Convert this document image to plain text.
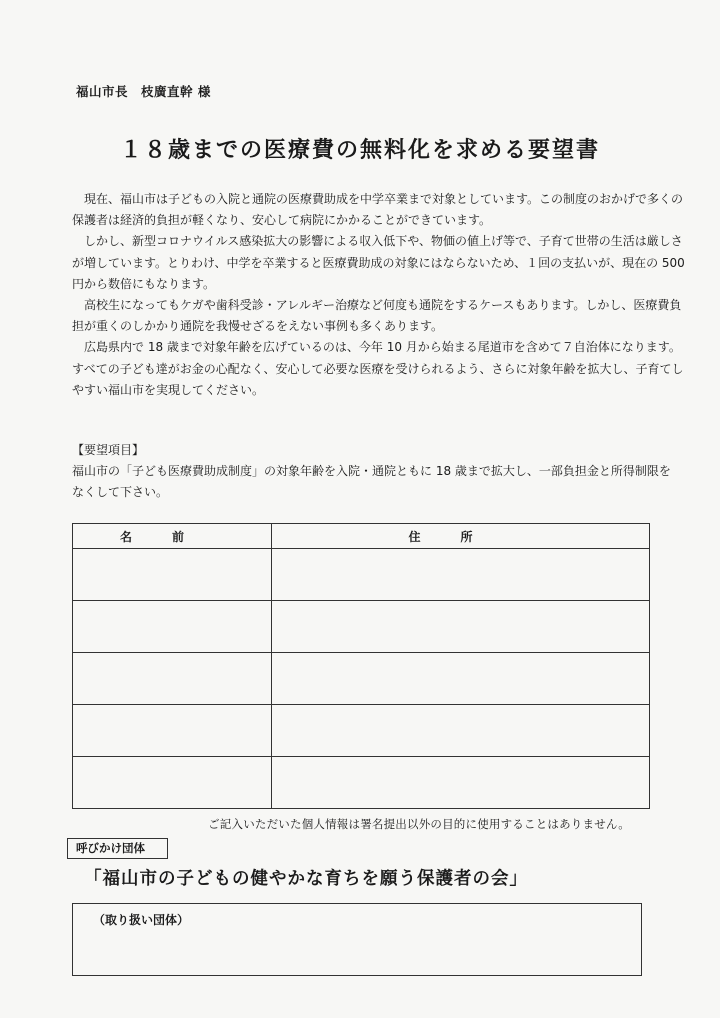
福山市長　枝廣直幹 様
１８歳までの医療費の無料化を求める要望書

現在、福山市は子どもの入院と通院の医療費助成を中学卒業まで対象としています。この制度のおかげで多くの保護者は経済的負担が軽くなり、安心して病院にかかることができています。

しかし、新型コロナウイルス感染拡大の影響による収入低下や、物価の値上げ等で、子育て世帯の生活は厳しさが増しています。とりわけ、中学を卒業すると医療費助成の対象にはならないため、１回の支払いが、現在の 500 円から数倍にもなります。

高校生になってもケガや歯科受診・アレルギー治療など何度も通院をするケースもあります。しかし、医療費負担が重くのしかかり通院を我慢せざるをえない事例も多くあります。

広島県内で 18 歳まで対象年齢を広げているのは、今年 10 月から始まる尾道市を含めて７自治体になります。すべての子ども達がお金の心配なく、安心して必要な医療を受けられるよう、さらに対象年齢を拡大し、子育てしやすい福山市を実現してください。

【要望項目】
福山市の「子ども医療費助成制度」の対象年齢を入院・通院ともに 18 歳まで拡大し、一部負担金と所得制限をなくして下さい。
名前	住所

ご記入いただいた個人情報は署名提出以外の目的に使用することはありません。
呼びかけ団体
「福山市の子どもの健やかな育ちを願う保護者の会」
（取り扱い団体）
